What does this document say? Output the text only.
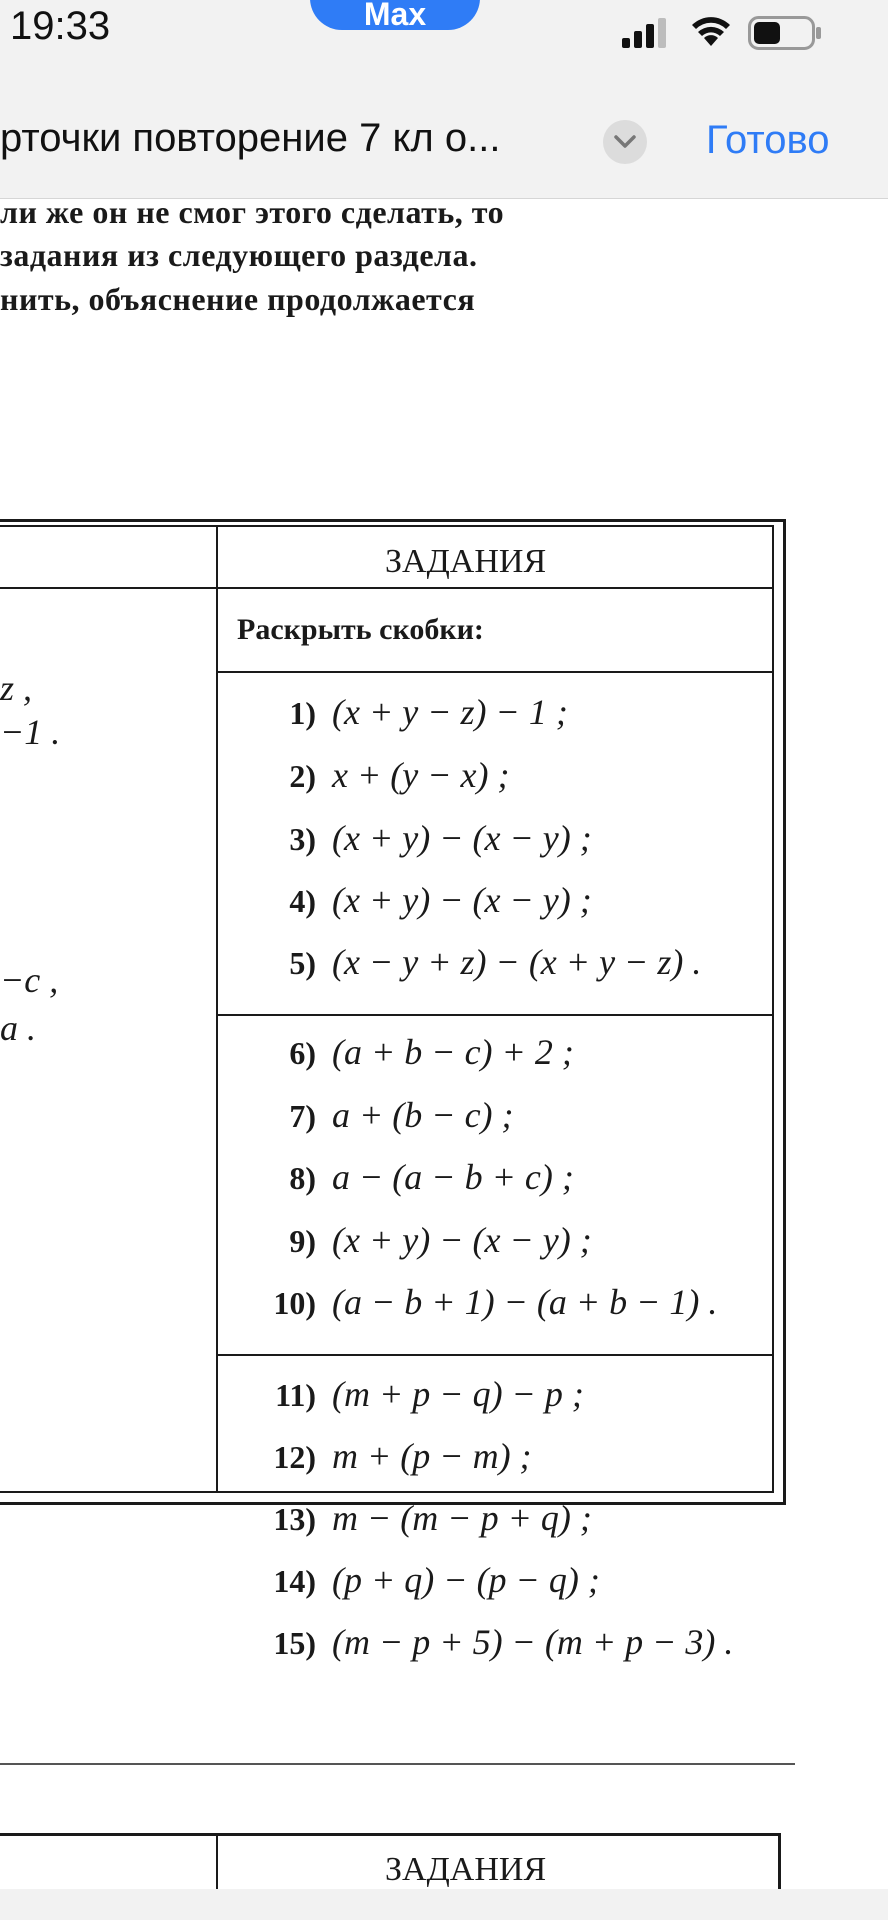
19:33	Max
рточки повторение 7 кл о...	Готово
ли же он не смог этого сделать, то
задания из следующего раздела.
нить, объяснение продолжается
ЗАДАНИЯ
Раскрыть скобки:
z ,
−1 .
−c ,
a .
1) (x + y − z) − 1 ;
2) x + (y − x) ;
3) (x + y) − (x − y) ;
4) (x + y) − (x − y) ;
5) (x − y + z) − (x + y − z) .
6) (a + b − c) + 2 ;
7) a + (b − c) ;
8) a − (a − b + c) ;
9) (x + y) − (x − y) ;
10) (a − b + 1) − (a + b − 1) .
11) (m + p − q) − p ;
12) m + (p − m) ;
13) m − (m − p + q) ;
14) (p + q) − (p − q) ;
15) (m − p + 5) − (m + p − 3) .
ЗАДАНИЯ
